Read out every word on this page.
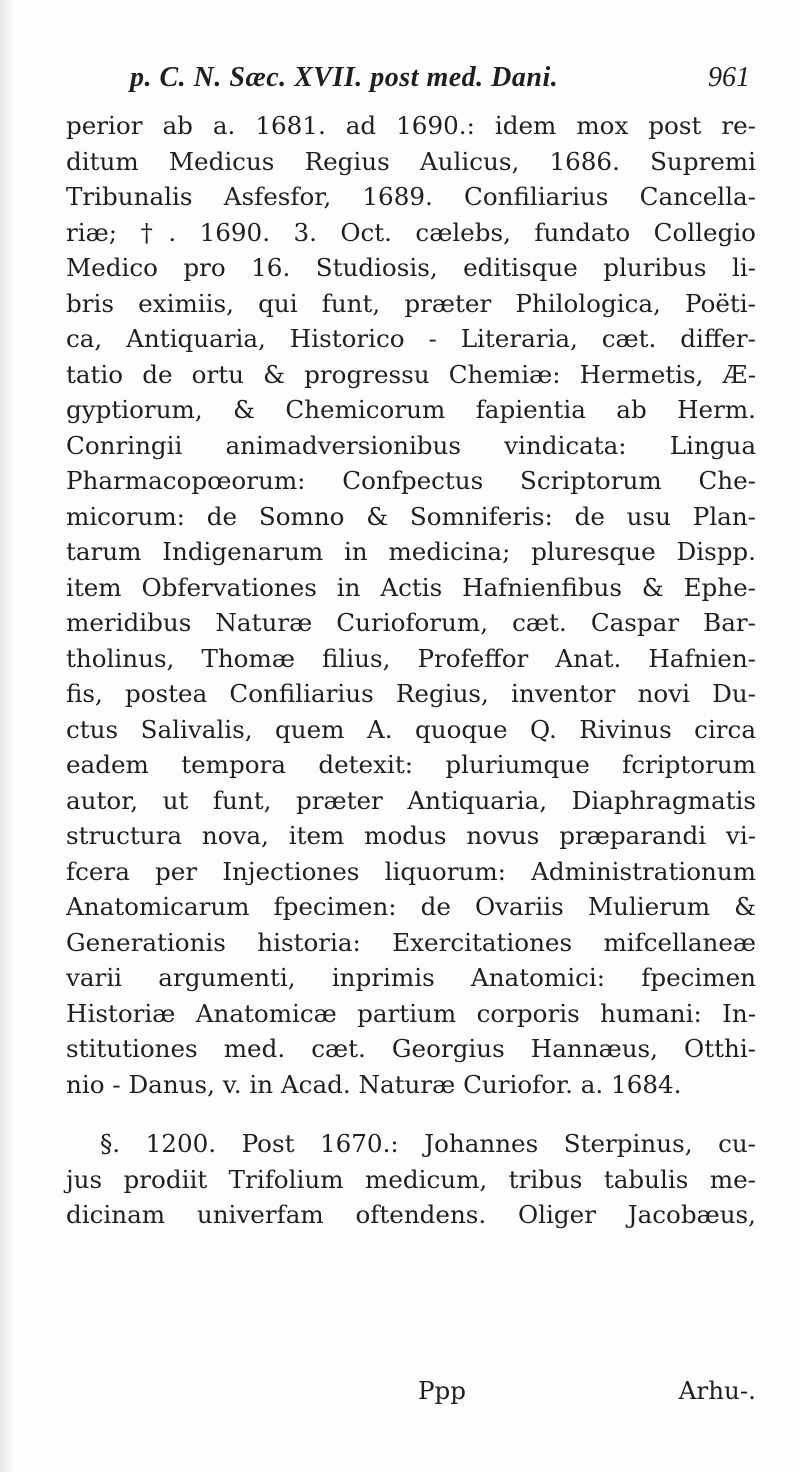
p. C. N. Sæc. XVII. post med. Dani.	961
perior ab a. 1681. ad 1690.: idem mox post re-
ditum Medicus Regius Aulicus, 1686. Supremi
Tribunalis Asfesfor, 1689. Confiliarius Cancella-
riæ; †. 1690. 3. Oct. cælebs, fundato Collegio
Medico pro 16. Studiosis, editisque pluribus li-
bris eximiis, qui funt, præter Philologica, Poëti-
ca, Antiquaria, Historico - Literaria, cæt. differ-
tatio de ortu & progressu Chemiæ: Hermetis, Æ-
gyptiorum, & Chemicorum fapientia ab Herm.
Conringii animadversionibus vindicata: Lingua
Pharmacopœorum: Confpectus Scriptorum Che-
micorum: de Somno & Somniferis: de usu Plan-
tarum Indigenarum in medicina; pluresque Dispp.
item Obfervationes in Actis Hafnienfibus & Ephe-
meridibus Naturæ Curioforum, cæt. Caspar Bar-
tholinus, Thomæ filius, Profeffor Anat. Hafnien-
fis, postea Confiliarius Regius, inventor novi Du-
ctus Salivalis, quem A. quoque Q. Rivinus circa
eadem tempora detexit: pluriumque fcriptorum
autor, ut funt, præter Antiquaria, Diaphragmatis
structura nova, item modus novus præparandi vi-
fcera per Injectiones liquorum: Administrationum
Anatomicarum fpecimen: de Ovariis Mulierum &
Generationis historia: Exercitationes mifcellaneæ
varii argumenti, inprimis Anatomici: fpecimen
Historiæ Anatomicæ partium corporis humani: In-
stitutiones med. cæt. Georgius Hannæus, Otthi-
nio - Danus, v. in Acad. Naturæ Curiofor. a. 1684.
§. 1200. Post 1670.: Johannes Sterpinus, cu-
jus prodiit Trifolium medicum, tribus tabulis me-
dicinam univerfam oftendens. Oliger Jacobæus,
Ppp	Arhu-.
